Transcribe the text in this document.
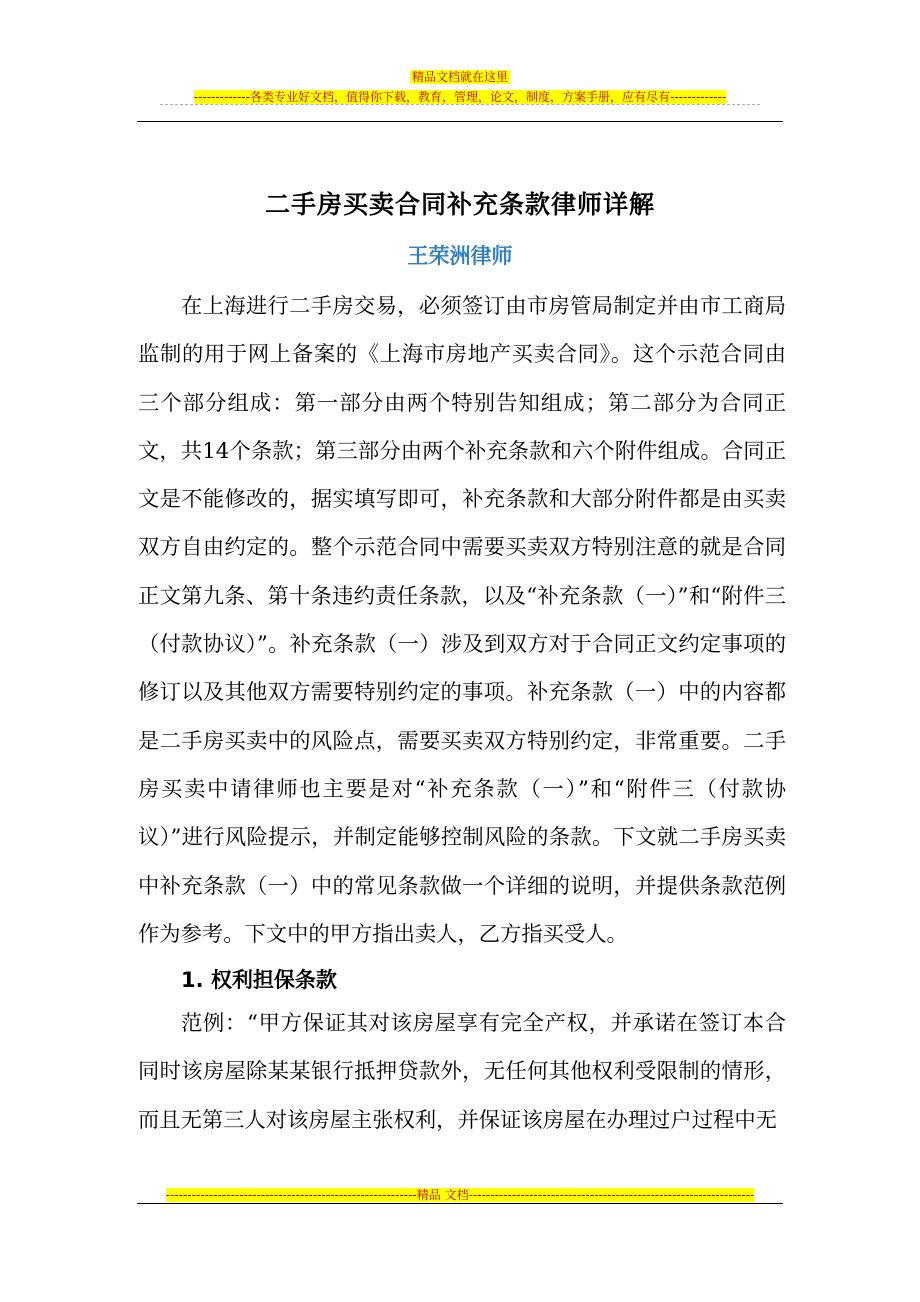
精品文档就在这里
-------------各类专业好文档，值得你下载，教育，管理，论文，制度，方案手册，应有尽有-------------
二手房买卖合同补充条款律师详解
王荣洲律师

在上海进行二手房交易，必须签订由市房管局制定并由市工商局监制的用于网上备案的《上海市房地产买卖合同》。这个示范合同由三个部分组成：第一部分由两个特别告知组成；第二部分为合同正文，共14个条款；第三部分由两个补充条款和六个附件组成。合同正文是不能修改的，据实填写即可，补充条款和大部分附件都是由买卖双方自由约定的。整个示范合同中需要买卖双方特别注意的就是合同正文第九条、第十条违约责任条款，以及“补充条款（一）”和“附件三（付款协议）”。补充条款（一）涉及到双方对于合同正文约定事项的修订以及其他双方需要特别约定的事项。补充条款（一）中的内容都是二手房买卖中的风险点，需要买卖双方特别约定，非常重要。二手房买卖中请律师也主要是对“补充条款（一）”和“附件三（付款协议）”进行风险提示，并制定能够控制风险的条款。下文就二手房买卖中补充条款（一）中的常见条款做一个详细的说明，并提供条款范例作为参考。下文中的甲方指出卖人，乙方指买受人。

1. 权利担保条款

范例：“甲方保证其对该房屋享有完全产权，并承诺在签订本合同时该房屋除某某银行抵押贷款外，无任何其他权利受限制的情形，而且无第三人对该房屋主张权利，并保证该房屋在办理过户过程中无

----------------------------------------------------------精品 文档------------------------------------------------------------------
